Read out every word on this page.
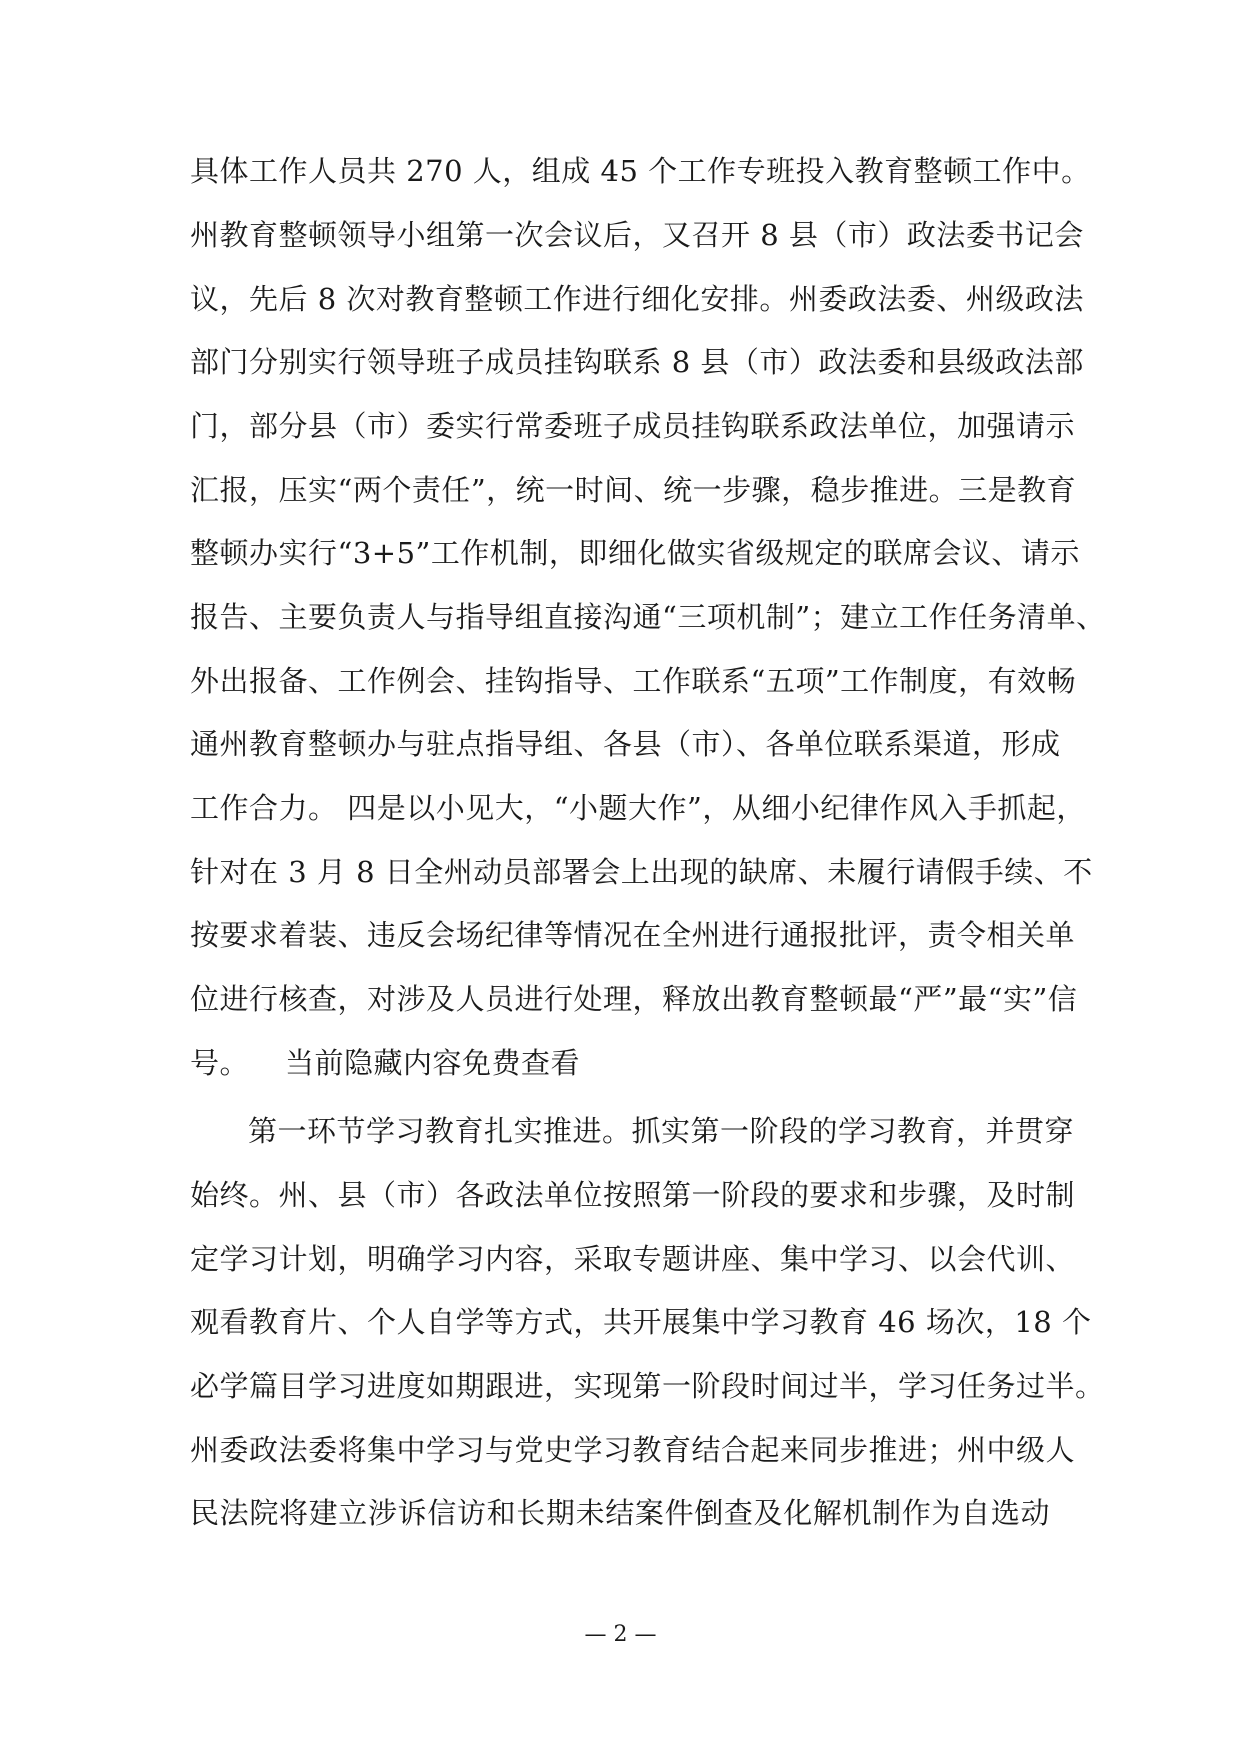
具体工作人员共 270 人，组成 45 个工作专班投入教育整顿工作中。
州教育整顿领导小组第一次会议后，又召开 8 县（市）政法委书记会
议，先后 8 次对教育整顿工作进行细化安排。州委政法委、州级政法
部门分别实行领导班子成员挂钩联系 8 县（市）政法委和县级政法部
门，部分县（市）委实行常委班子成员挂钩联系政法单位，加强请示
汇报，压实“两个责任”，统一时间、统一步骤，稳步推进。三是教育
整顿办实行“3+5”工作机制，即细化做实省级规定的联席会议、请示
报告、主要负责人与指导组直接沟通“三项机制”；建立工作任务清单、
外出报备、工作例会、挂钩指导、工作联系“五项”工作制度，有效畅
通州教育整顿办与驻点指导组、各县（市）、各单位联系渠道，形成
工作合力。 四是以小见大，“小题大作”，从细小纪律作风入手抓起，
针对在 3 月 8 日全州动员部署会上出现的缺席、未履行请假手续、不
按要求着装、违反会场纪律等情况在全州进行通报批评，责令相关单
位进行核查，对涉及人员进行处理，释放出教育整顿最“严”最“实”信
号。 当前隐藏内容免费查看
第一环节学习教育扎实推进。抓实第一阶段的学习教育，并贯穿
始终。州、县（市）各政法单位按照第一阶段的要求和步骤，及时制
定学习计划，明确学习内容，采取专题讲座、集中学习、以会代训、
观看教育片、个人自学等方式，共开展集中学习教育 46 场次，18 个
必学篇目学习进度如期跟进，实现第一阶段时间过半，学习任务过半。
州委政法委将集中学习与党史学习教育结合起来同步推进；州中级人
民法院将建立涉诉信访和长期未结案件倒查及化解机制作为自选动
— 2 —
